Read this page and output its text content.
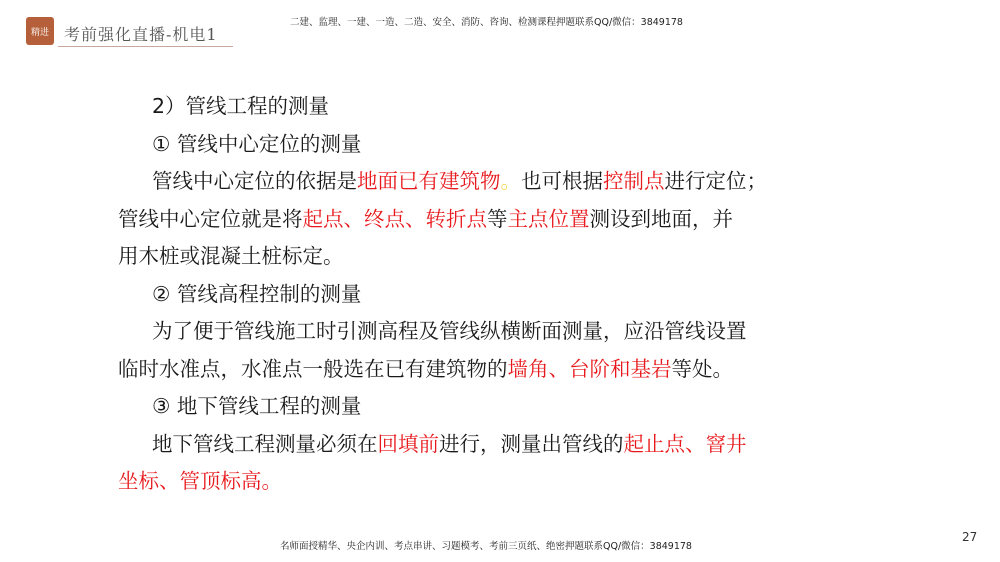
精进 考前强化直播-机电1
二建、监理、一建、一造、二造、安全、消防、咨询、检测课程押题联系QQ/微信：3849178
2）管线工程的测量
① 管线中心定位的测量
管线中心定位的依据是地面已有建筑物。也可根据控制点进行定位；
管线中心定位就是将起点、终点、转折点等主点位置测设到地面，并
用木桩或混凝土桩标定。
② 管线高程控制的测量
为了便于管线施工时引测高程及管线纵横断面测量，应沿管线设置
临时水准点，水准点一般选在已有建筑物的墙角、台阶和基岩等处。
③ 地下管线工程的测量
地下管线工程测量必须在回填前进行，测量出管线的起止点、窨井
坐标、管顶标高。
名师面授精华、央企内训、考点串讲、习题模考、考前三页纸、绝密押题联系QQ/微信：3849178
27
